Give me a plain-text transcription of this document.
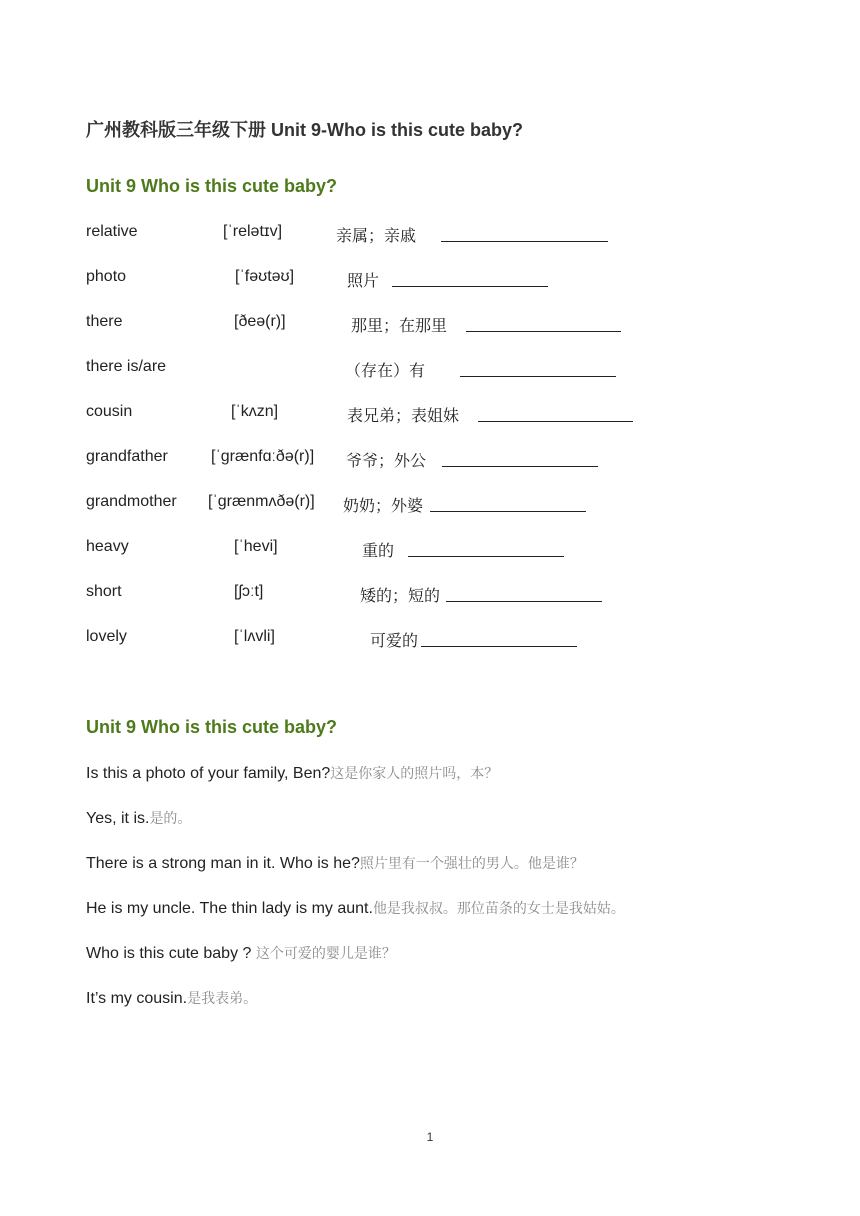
广州教科版三年级下册 Unit 9-Who is this cute baby?
Unit 9 Who is this cute baby?
relative	[ˈrelətɪv]	亲属；亲戚
photo	[ˈfəʊtəʊ]	照片
there	[ðeə(r)]	那里；在那里
there is/are	（存在）有
cousin	[ˈkʌzn]	表兄弟；表姐妹
grandfather	[ˈɡrænfɑːðə(r)] 爷爷；外公
grandmother [ˈɡrænmʌðə(r)] 奶奶；外婆
heavy	[ˈhevi]	重的
short	[ʃɔːt]	矮的；短的
lovely	[ˈlʌvli]	可爱的
Unit 9 Who is this cute baby?
Is this a photo of your family, Ben?这是你家人的照片吗，本？
Yes, it is.是的。
There is a strong man in it. Who is he?照片里有一个强壮的男人。他是谁？
He is my uncle. The thin lady is my aunt.他是我叔叔。那位苗条的女士是我姑姑。
Who is this cute baby ? 这个可爱的婴儿是谁？
It’s my cousin.是我表弟。
1
